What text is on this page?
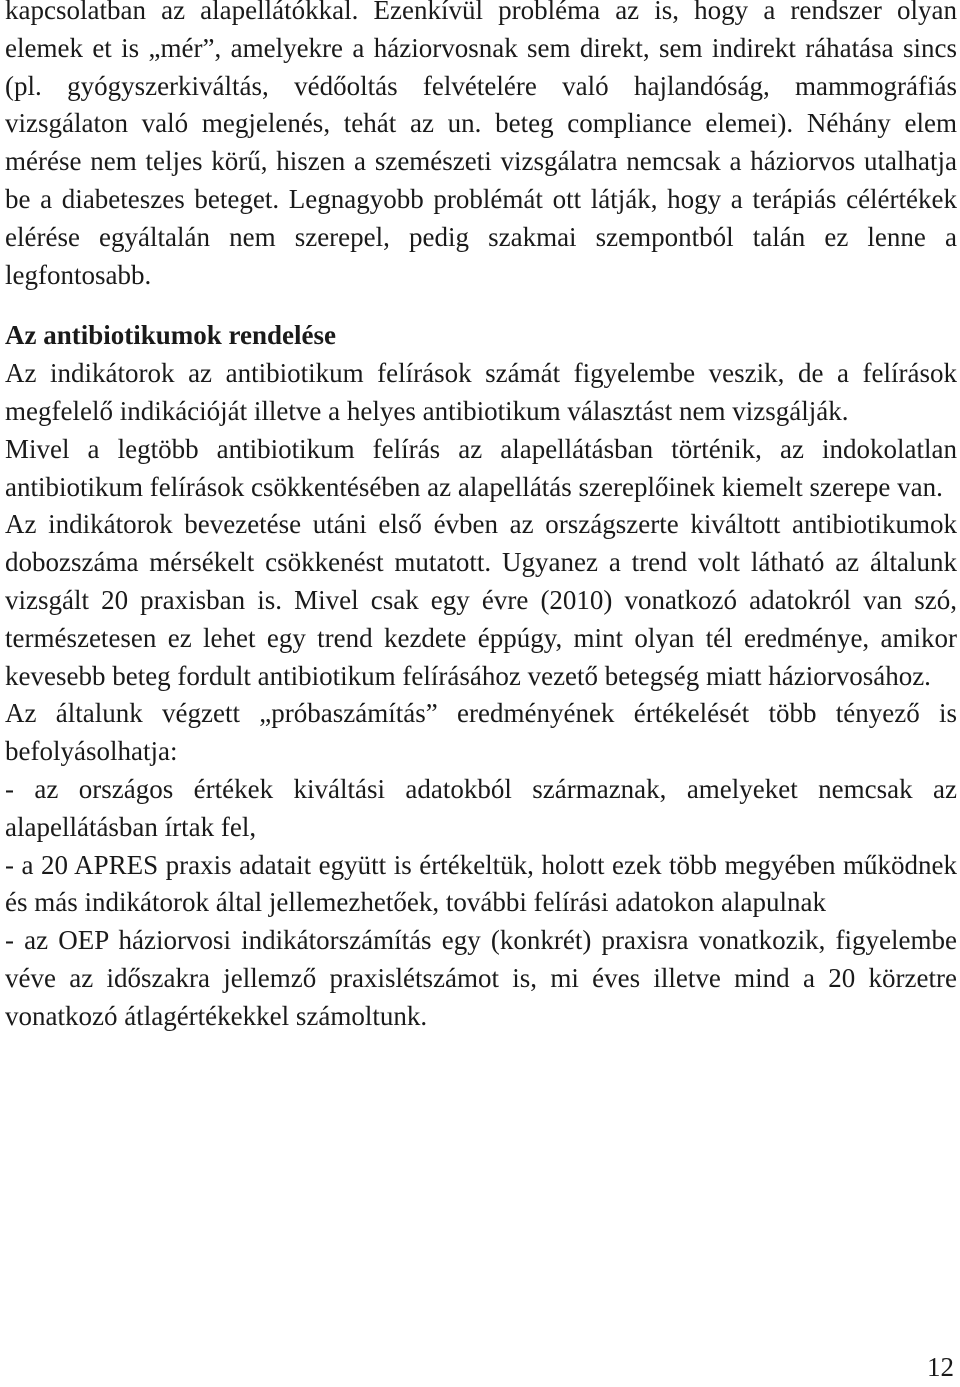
kapcsolatban az alapellátókkal. Ezenkívül probléma az is, hogy a rendszer olyan elemek et is „mér”, amelyekre a háziorvosnak sem direkt, sem indirekt ráhatása sincs (pl. gyógyszerkiváltás, védőoltás felvételére való hajlandóság, mammográfiás vizsgálaton való megjelenés, tehát az un. beteg compliance elemei). Néhány elem mérése nem teljes körű, hiszen a szemészeti vizsgálatra nemcsak a háziorvos utalhatja be a diabeteszes beteget. Legnagyobb problémát ott látják, hogy a terápiás célértékek elérése egyáltalán nem szerepel, pedig szakmai szempontból talán ez lenne a legfontosabb.

Az antibiotikumok rendelése

Az indikátorok az antibiotikum felírások számát figyelembe veszik, de a felírások megfelelő indikációját illetve a helyes antibiotikum választást nem vizsgálják.

Mivel a legtöbb antibiotikum felírás az alapellátásban történik, az indokolatlan antibiotikum felírások csökkentésében az alapellátás szereplőinek kiemelt szerepe van.

Az indikátorok bevezetése utáni első évben az országszerte kiváltott antibiotikumok dobozszáma mérsékelt csökkenést mutatott. Ugyanez a trend volt látható az általunk vizsgált 20 praxisban is. Mivel csak egy évre (2010) vonatkozó adatokról van szó, természetesen ez lehet egy trend kezdete éppúgy, mint olyan tél eredménye, amikor kevesebb beteg fordult antibiotikum felírásához vezető betegség miatt háziorvosához.

Az általunk végzett „próbaszámítás” eredményének értékelését több tényező is befolyásolhatja:

- az országos értékek kiváltási adatokból származnak, amelyeket nemcsak az alapellátásban írtak fel,

- a 20 APRES praxis adatait együtt is értékeltük, holott ezek több megyében működnek és más indikátorok által jellemezhetőek, további felírási adatokon alapulnak

- az OEP háziorvosi indikátorszámítás egy (konkrét) praxisra vonatkozik, figyelembe véve az időszakra jellemző praxislétszámot is, mi éves illetve mind a 20 körzetre vonatkozó átlagértékekkel számoltunk.

12
